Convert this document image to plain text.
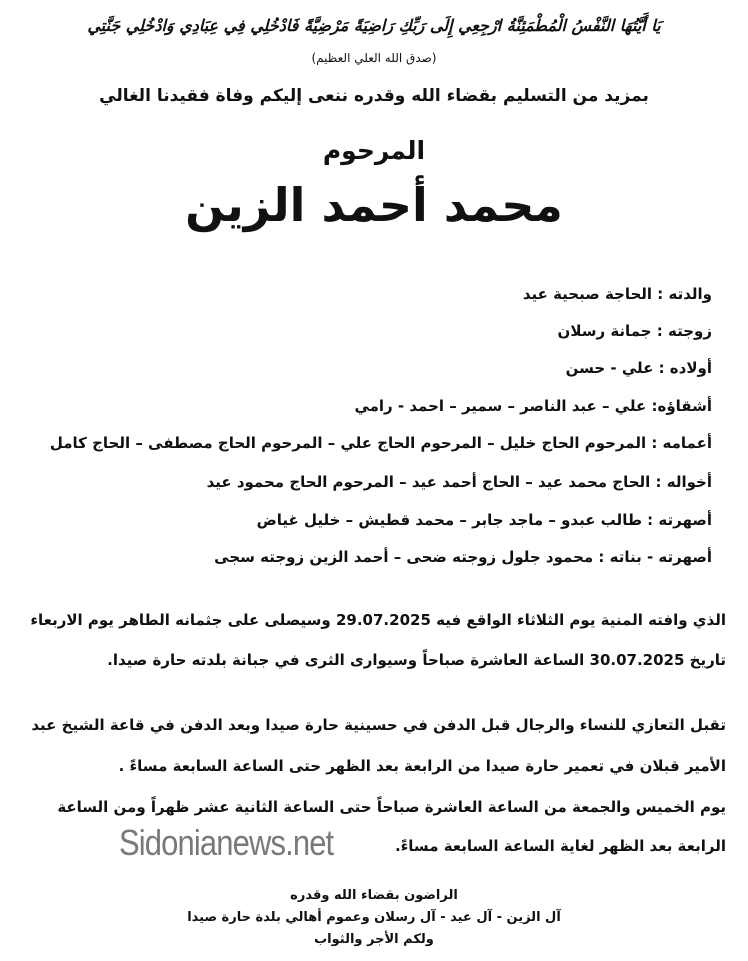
يَا أَيَّتُهَا النَّفْسُ الْمُطْمَئِنَّةُ ارْجِعِي إِلَى رَبِّكِ رَاضِيَةً مَرْضِيَّةً فَادْخُلِي فِي عِبَادِي وَادْخُلِي جَنَّتِي

(صدق الله العلي العظيم)

بمزيد من التسليم بقضاء الله وقدره ننعى إليكم وفاة فقيدنا الغالي

المرحوم

محمد أحمد الزين

والدته : الحاجة صبحية عيد

زوجته : جمانة رسلان

أولاده : علي - حسن

أشقاؤه: علي – عبد الناصر – سمير – احمد - رامي

أعمامه : المرحوم الحاج خليل – المرحوم الحاج علي – المرحوم الحاج مصطفى – الحاج كامل

أخواله : الحاج محمد عيد – الحاج أحمد عيد – المرحوم الحاج محمود عيد

أصهرته : طالب عبدو – ماجد جابر – محمد قطيش – خليل غياض

أصهرته - بناته : محمود جلول زوجته ضحى – أحمد الزين زوجته سجى

الذي وافته المنية يوم الثلاثاء الواقع فيه 29.07.2025 وسيصلى على جثمانه الطاهر يوم الاربعاء

تاريخ 30.07.2025 الساعة العاشرة صباحاً وسيوارى الثرى في جبانة بلدته حارة صيدا.

تقبل التعازي للنساء والرجال قبل الدفن في حسينية حارة صيدا وبعد الدفن في قاعة الشيخ عبد

الأمير قبلان في تعمير حارة صيدا من الرابعة بعد الظهر حتى الساعة السابعة مساءً .

يوم الخميس والجمعة من الساعة العاشرة صباحاً حتى الساعة الثانية عشر ظهراً ومن الساعة

الرابعة بعد الظهر لغاية الساعة السابعة مساءً.

Sidonianews.net

الراضون بقضاء الله وقدره

آل الزين - آل عيد - آل رسلان وعموم أهالي بلدة حارة صيدا

ولكم الأجر والثواب
